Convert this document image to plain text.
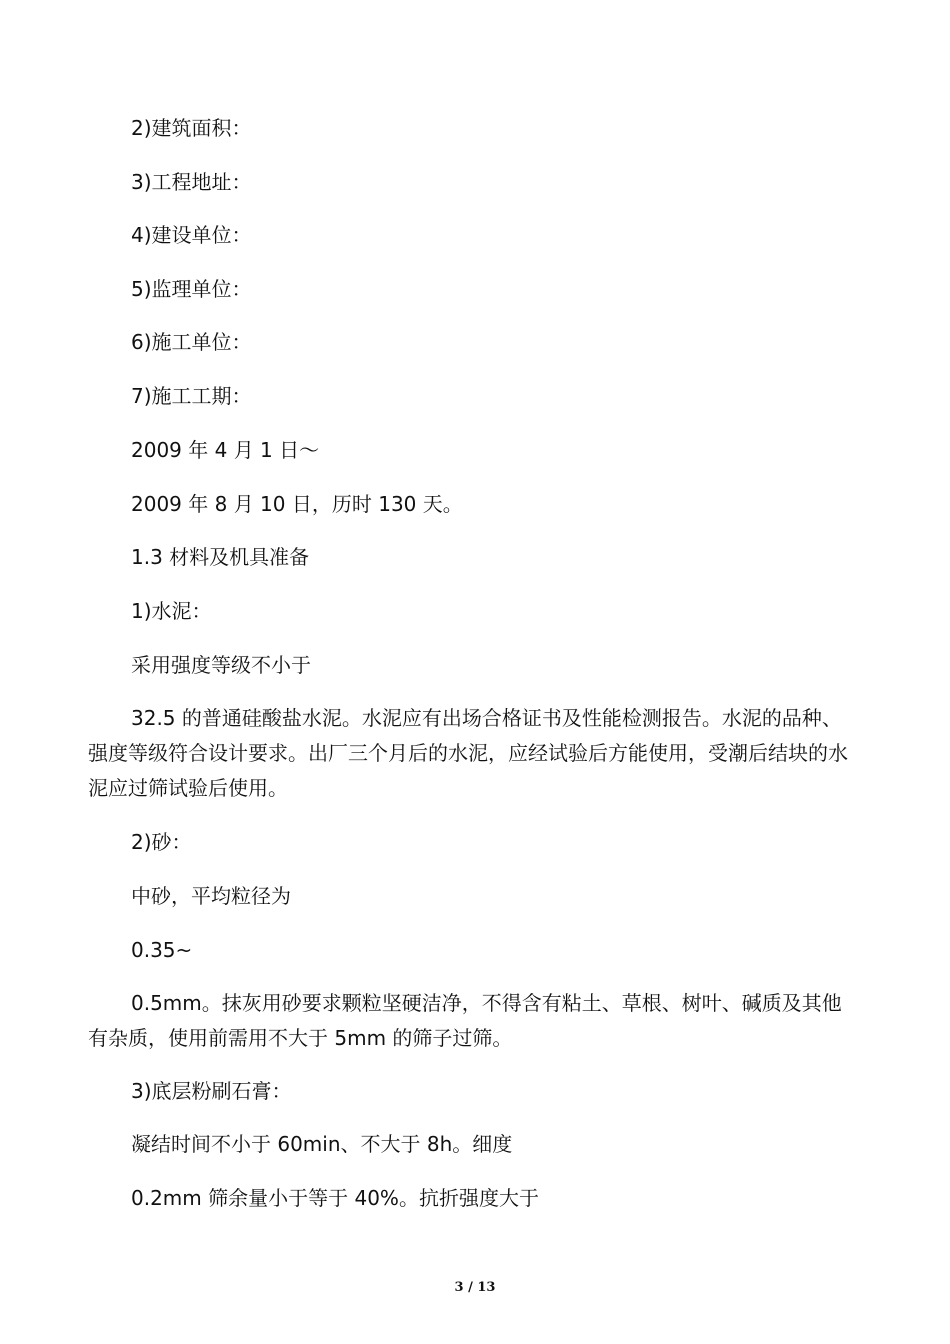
2)建筑面积：
3)工程地址：
4)建设单位：
5)监理单位：
6)施工单位：
7)施工工期：
2009 年 4 月 1 日～
2009 年 8 月 10 日，历时 130 天。
1.3 材料及机具准备
1)水泥：
采用强度等级不小于
32.5 的普通硅酸盐水泥。水泥应有出场合格证书及性能检测报告。水泥的品种、强度等级符合设计要求。出厂三个月后的水泥，应经试验后方能使用，受潮后结块的水泥应过筛试验后使用。
2)砂：
中砂，平均粒径为
0.35~
0.5mm。抹灰用砂要求颗粒坚硬洁净，不得含有粘土、草根、树叶、碱质及其他有杂质，使用前需用不大于 5mm 的筛子过筛。
3)底层粉刷石膏：
凝结时间不小于 60min、不大于 8h。细度
0.2mm 筛余量小于等于 40%。抗折强度大于
3 / 13
